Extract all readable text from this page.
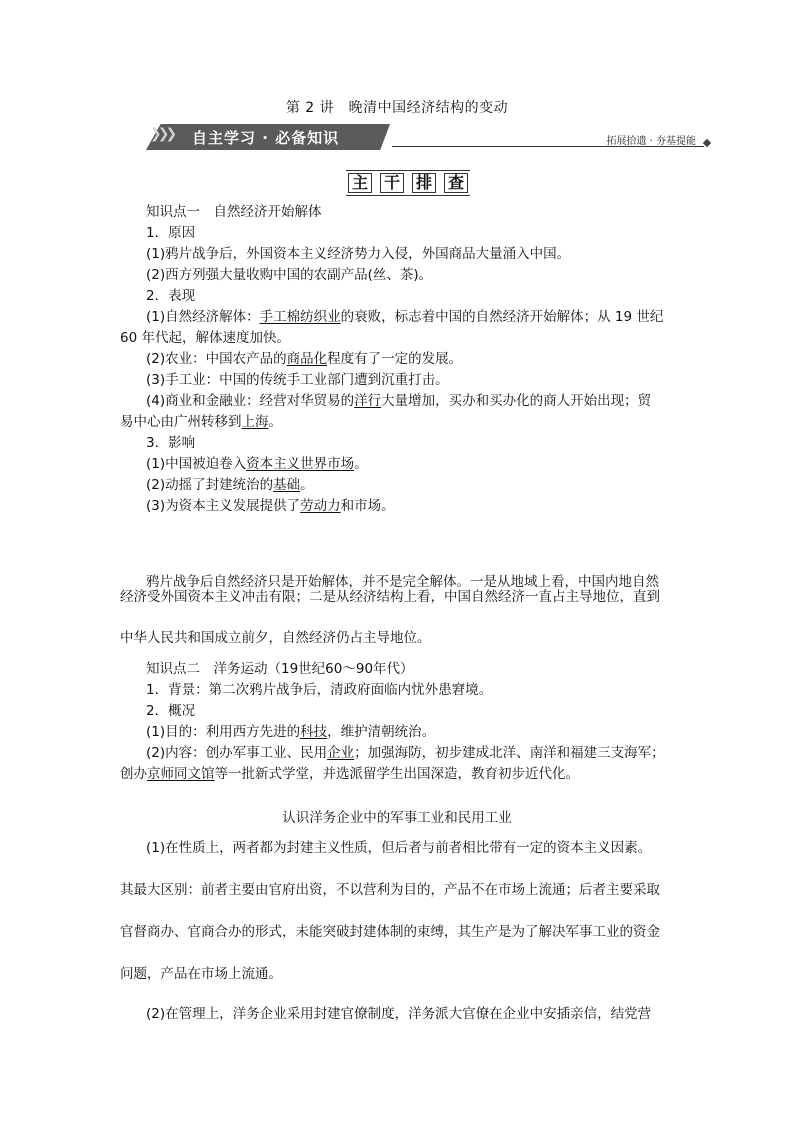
第 2 讲　晚清中国经济结构的变动
❯❯❯ 自主学习 · 必备知识	拓展拾遗 · 夯基提能
主 干 排 查
知识点一　自然经济开始解体
1．原因
(1)鸦片战争后，外国资本主义经济势力入侵，外国商品大量涌入中国。
(2)西方列强大量收购中国的农副产品(丝、茶)。
2．表现
(1)自然经济解体：手工棉纺织业的衰败，标志着中国的自然经济开始解体；从 19 世纪
60 年代起，解体速度加快。
(2)农业：中国农产品的商品化程度有了一定的发展。
(3)手工业：中国的传统手工业部门遭到沉重打击。
(4)商业和金融业：经营对华贸易的洋行大量增加，买办和买办化的商人开始出现；贸
易中心由广州转移到上海。
3．影响
(1)中国被迫卷入资本主义世界市场。
(2)动摇了封建统治的基础。
(3)为资本主义发展提供了劳动力和市场。
鸦片战争后自然经济只是开始解体，并不是完全解体。一是从地域上看，中国内地自然
经济受外国资本主义冲击有限；二是从经济结构上看，中国自然经济一直占主导地位，直到
中华人民共和国成立前夕，自然经济仍占主导地位。
知识点二　洋务运动（19世纪60～90年代）
1．背景：第二次鸦片战争后，清政府面临内忧外患窘境。
2．概况
(1)目的：利用西方先进的科技，维护清朝统治。
(2)内容：创办军事工业、民用企业；加强海防，初步建成北洋、南洋和福建三支海军；
创办京师同文馆等一批新式学堂，并选派留学生出国深造，教育初步近代化。
认识洋务企业中的军事工业和民用工业
(1)在性质上，两者都为封建主义性质，但后者与前者相比带有一定的资本主义因素。
其最大区别：前者主要由官府出资，不以营利为目的，产品不在市场上流通；后者主要采取
官督商办、官商合办的形式，未能突破封建体制的束缚，其生产是为了解决军事工业的资金
问题，产品在市场上流通。
(2)在管理上，洋务企业采用封建官僚制度，洋务派大官僚在企业中安插亲信，结党营
